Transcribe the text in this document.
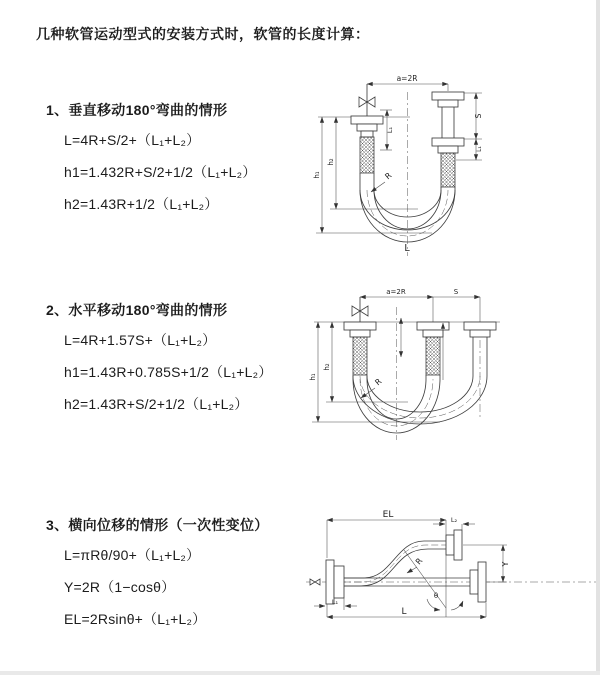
几种软管运动型式的安装方式时，软管的长度计算：
1、垂直移动180°弯曲的情形

L=4R+S/2+（L₁+L₂）

h1=1.432R+S/2+1/2（L₁+L₂）

h2=1.43R+1/2（L₁+L₂）

2、水平移动180°弯曲的情形

L=4R+1.57S+（L₁+L₂）

h1=1.43R+0.785S+1/2（L₁+L₂）

h2=1.43R+S/2+1/2（L₁+L₂）

3、横向位移的情形（一次性变位）

L=πRθ/90+（L₁+L₂）

Y=2R（1−cosθ）

EL=2Rsinθ+（L₁+L₂）

a=2R
L₁
S
L₁
h₁
h₂
R
L
a=2R	S
h₁
h₂
R
EL	L₂
Y
R
θ
L₁
L
